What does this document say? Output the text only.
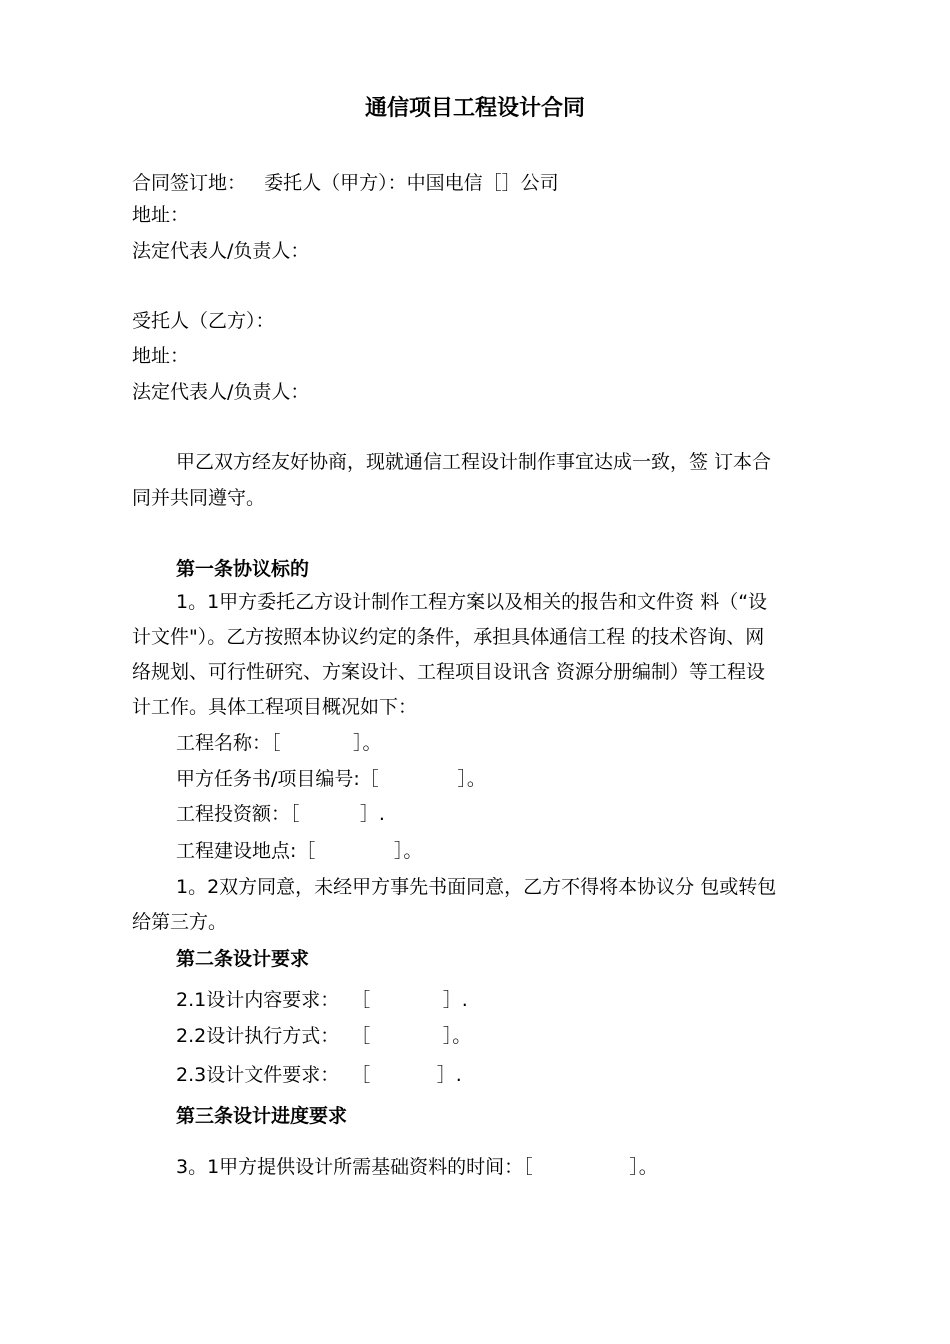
通信项目工程设计合同
合同签订地：   委托人（甲方）：中国电信［］公司
地址：
法定代表人/负责人：
受托人（乙方）：
地址：
法定代表人/负责人：
甲乙双方经友好协商，现就通信工程设计制作事宜达成一致，签 订本合
同并共同遵守。
第一条协议标的
1。1甲方委托乙方设计制作工程方案以及相关的报告和文件资 料（“设
计文件"）。乙方按照本协议约定的条件，承担具体通信工程 的技术咨询、网
络规划、可行性研究、方案设计、工程项目设讯含 资源分册编制）等工程设
计工作。具体工程项目概况如下：
工程名称：［            ］。
甲方任务书/项目编号:［             ］。
工程投资额：［          ］.
工程建设地点:［             ］。
1。2双方同意，未经甲方事先书面同意，乙方不得将本协议分 包或转包
给第三方。
第二条设计要求
2.1设计内容要求：  ［            ］.
2.2设计执行方式：  ［            ］。
2.3设计文件要求：  ［           ］.
第三条设计进度要求
3。1甲方提供设计所需基础资料的时间：［                ］。
